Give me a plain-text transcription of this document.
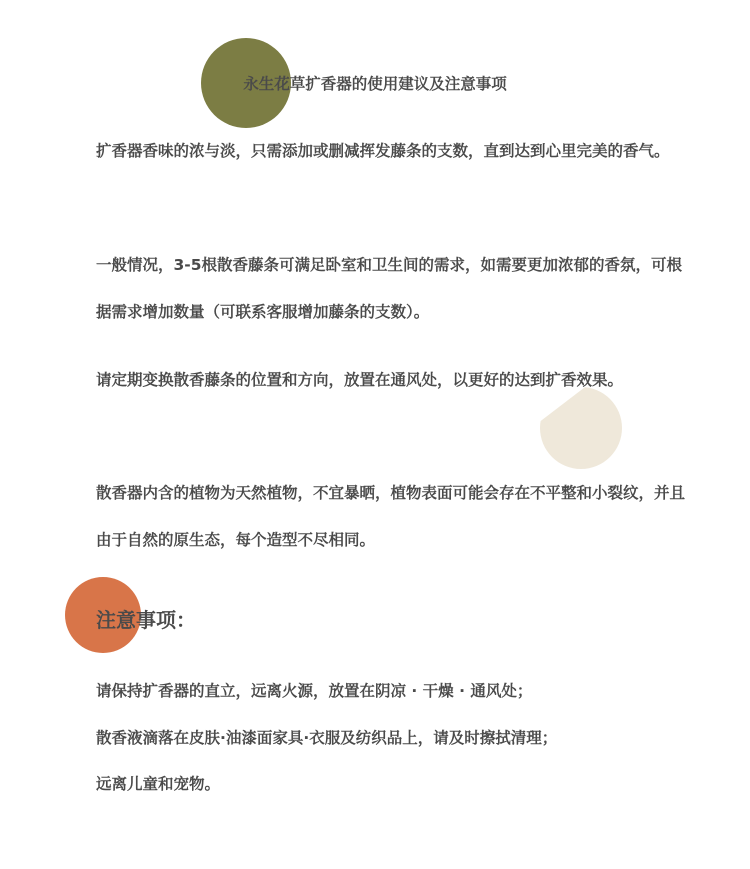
永生花草扩香器的使用建议及注意事项

扩香器香味的浓与淡，只需添加或删减挥发藤条的支数，直到达到心里完美的香气。

一般情况，3-5根散香藤条可满足卧室和卫生间的需求，如需要更加浓郁的香氛，可根据需求增加数量（可联系客服增加藤条的支数）。

请定期变换散香藤条的位置和方向，放置在通风处，以更好的达到扩香效果。

散香器内含的植物为天然植物，不宜暴晒，植物表面可能会存在不平整和小裂纹，并且由于自然的原生态，每个造型不尽相同。

注意事项：

请保持扩香器的直立，远离火源，放置在阴凉 · 干燥 · 通风处；

散香液滴落在皮肤·油漆面家具·衣服及纺织品上，请及时擦拭清理；

远离儿童和宠物。
